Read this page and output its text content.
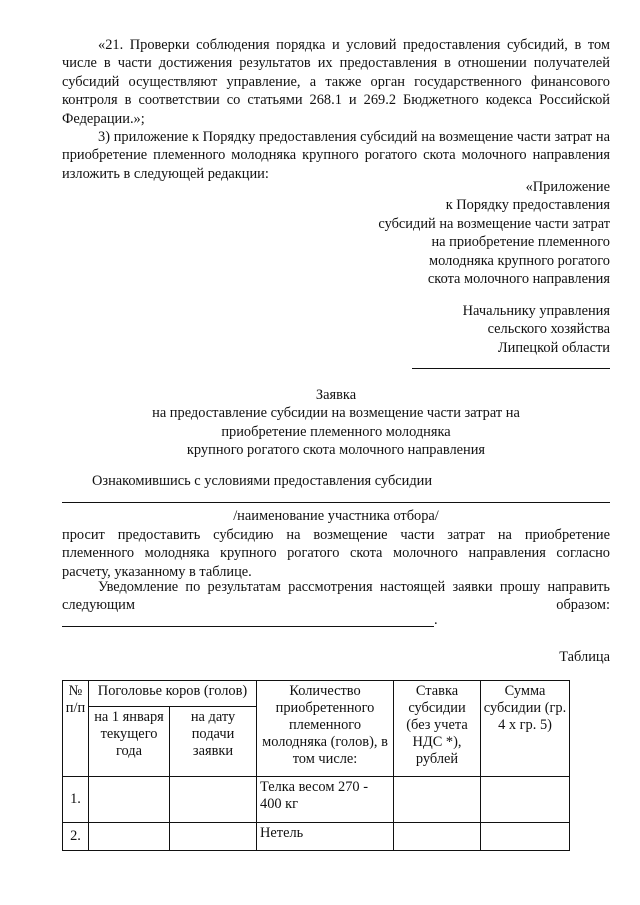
«21. Проверки соблюдения порядка и условий предоставления субсидий, в том числе в части достижения результатов их предоставления в отношении получателей субсидий осуществляют управление, а также орган государственного финансового контроля в соответствии со статьями 268.1 и 269.2 Бюджетного кодекса Российской Федерации.»;
3) приложение к Порядку предоставления субсидий на возмещение части затрат на приобретение племенного молодняка крупного рогатого скота молочного направления изложить в следующей редакции:
«Приложение
к Порядку предоставления
субсидий на возмещение части затрат
на приобретение племенного
молодняка крупного рогатого
скота молочного направления
Начальнику управления
сельского хозяйства
Липецкой области
Заявка
на предоставление субсидии на возмещение части затрат на
приобретение племенного молодняка
крупного рогатого скота молочного направления
Ознакомившись с условиями предоставления субсидии
/наименование участника отбора/
просит предоставить субсидию на возмещение части затрат на приобретение племенного молодняка крупного рогатого скота молочного направления согласно расчету, указанному в таблице.
Уведомление по результатам рассмотрения настоящей заявки прошу направить следующим образом:
.
Таблица
№ п/п	Поголовье коров (голов)		Количество приобретенного племенного молодняка (голов), в том числе:	Ставка субсидии (без учета НДС *), рублей	Сумма субсидии (гр. 4 х гр. 5)
	на 1 января текущего года	на дату подачи заявки			
1.			Телка весом 270 - 400 кг		
2.			Нетель		
